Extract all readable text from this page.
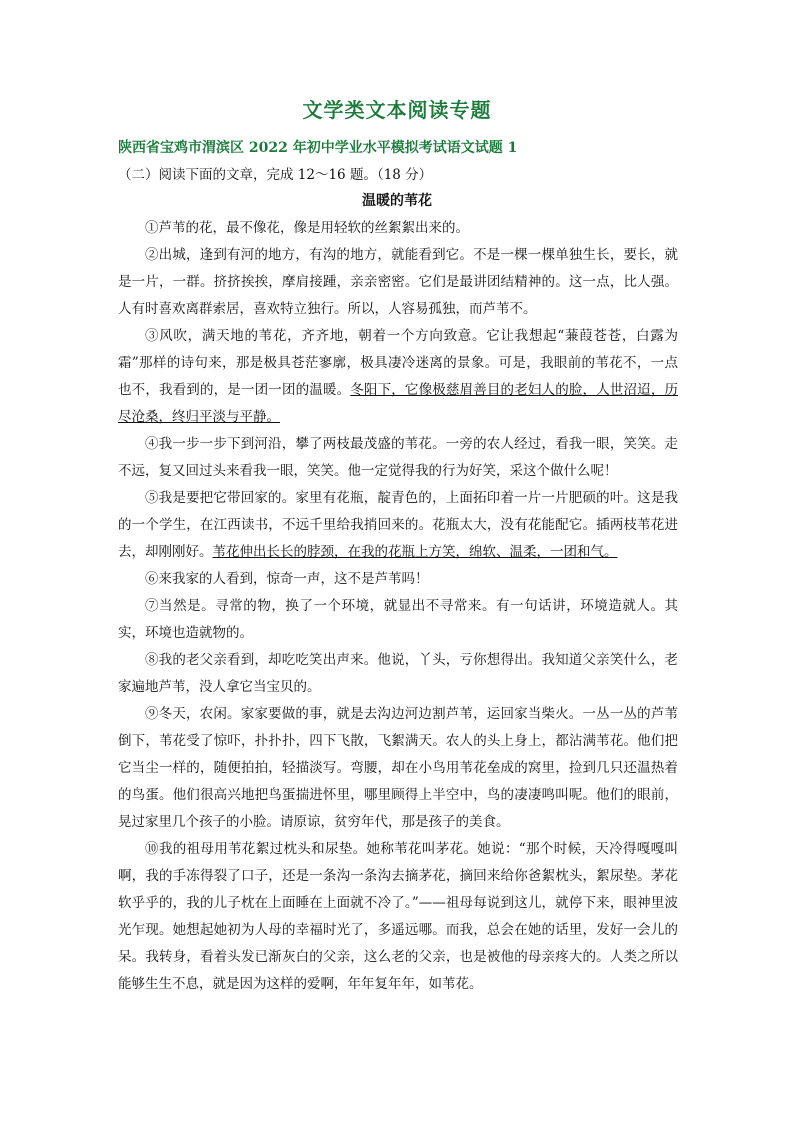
文学类文本阅读专题
陕西省宝鸡市渭滨区 2022 年初中学业水平模拟考试语文试题 1
（二）阅读下面的文章，完成 12～16 题。（18 分）
温暖的苇花

①芦苇的花，最不像花，像是用轻软的丝絮絮出来的。

②出城，逢到有河的地方，有沟的地方，就能看到它。不是一棵一棵单独生长，要长，就是一片，一群。挤挤挨挨，摩肩接踵，亲亲密密。它们是最讲团结精神的。这一点，比人强。人有时喜欢离群索居，喜欢特立独行。所以，人容易孤独，而芦苇不。

③风吹，满天地的苇花，齐齐地，朝着一个方向致意。它让我想起“蒹葭苍苍，白露为霜”那样的诗句来，那是极具苍茫寥廓，极具凄冷迷离的景象。可是，我眼前的苇花不，一点也不，我看到的，是一团一团的温暖。冬阳下，它像极慈眉善目的老妇人的脸，人世沼迢，历尽沧桑，终归平淡与平静。

④我一步一步下到河沿，攀了两枝最茂盛的苇花。一旁的农人经过，看我一眼，笑笑。走不远，复又回过头来看我一眼，笑笑。他一定觉得我的行为好笑，采这个做什么呢！

⑤我是要把它带回家的。家里有花瓶，靛青色的，上面拓印着一片一片肥硕的叶。这是我的一个学生，在江西读书，不远千里给我捎回来的。花瓶太大，没有花能配它。插两枝苇花进去，却刚刚好。苇花伸出长长的脖颈，在我的花瓶上方笑，绵软、温柔，一团和气。

⑥来我家的人看到，惊奇一声，这不是芦苇吗！

⑦当然是。寻常的物，换了一个环境，就显出不寻常来。有一句话讲，环境造就人。其实，环境也造就物的。

⑧我的老父亲看到，却吃吃笑出声来。他说，丫头，亏你想得出。我知道父亲笑什么，老家遍地芦苇，没人拿它当宝贝的。

⑨冬天，农闲。家家要做的事，就是去沟边河边割芦苇，运回家当柴火。一丛一丛的芦苇倒下，苇花受了惊吓，扑扑扑，四下飞散，飞絮满天。农人的头上身上，都沾满苇花。他们把它当尘一样的，随便拍拍，轻描淡写。弯腰，却在小鸟用苇花垒成的窝里，捡到几只还温热着的鸟蛋。他们很高兴地把鸟蛋揣进怀里，哪里顾得上半空中，鸟的凄凄鸣叫呢。他们的眼前，晃过家里几个孩子的小脸。请原谅，贫穷年代，那是孩子的美食。

⑩我的祖母用苇花絮过枕头和尿垫。她称苇花叫茅花。她说：“那个时候，天冷得嘎嘎叫啊，我的手冻得裂了口子，还是一条沟一条沟去摘茅花，摘回来给你爸絮枕头，絮尿垫。茅花软乎乎的，我的儿子枕在上面睡在上面就不冷了。”——祖母每说到这儿，就停下来，眼神里波光乍现。她想起她初为人母的幸福时光了，多遥远哪。而我，总会在她的话里，发好一会儿的呆。我转身，看着头发已渐灰白的父亲，这么老的父亲，也是被他的母亲疼大的。人类之所以能够生生不息，就是因为这样的爱啊，年年复年年，如苇花。
